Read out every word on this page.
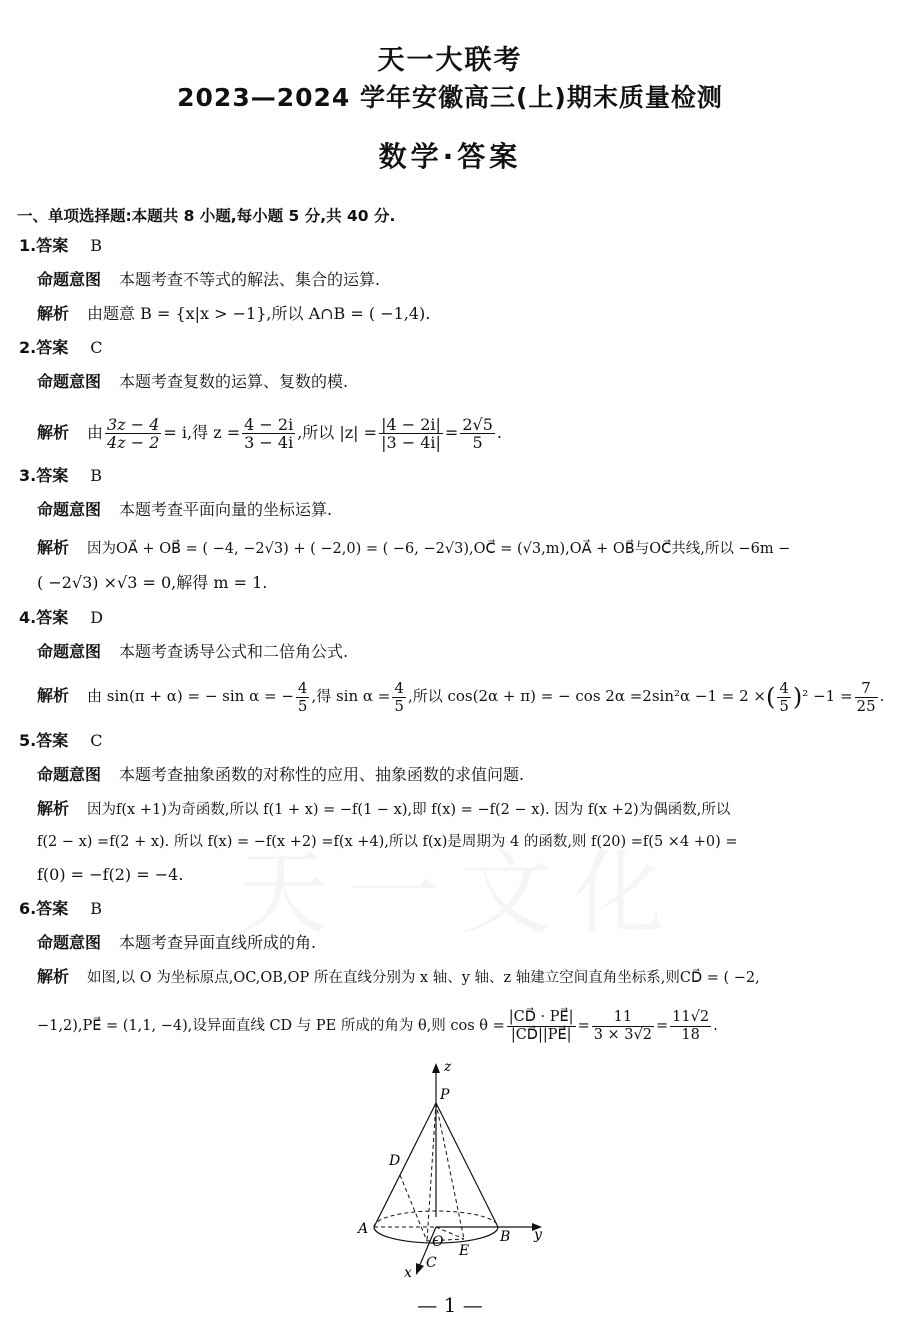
天一大联考
2023—2024 学年安徽高三(上)期末质量检测
数学·答案
一、单项选择题:本题共 8 小题,每小题 5 分,共 40 分.
1.答案 B
命题意图 本题考查不等式的解法、集合的运算.
解析 由题意 B = {x|x > −1},所以 A∩B = ( −1,4).
2.答案 C
命题意图 本题考查复数的运算、复数的模.
解析 由 $\frac{3z - 4}{4z - 2} = i$,得 $z = \frac{4 - 2i}{3 - 4i}$ ,所以 $|z| = \frac{|4 - 2i|}{|3 - 4i|} = \frac{2√5}{5}$ .
3.答案 B
命题意图 本题考查平面向量的坐标运算.
解析 因为OA⃗ + OB⃗ = ( −4, −2√3) + ( −2,0) = ( −6, −2√3),OC⃗ = (√3,m),OA⃗ + OB⃗与OC⃗共线,所以 −6m −
( −2√3) ×√3 = 0,解得 m = 1.
4.答案 D
命题意图 本题考查诱导公式和二倍角公式.
解析 由 sin(π + α) = − sin α = − $\frac{4}{5}$ ,得 $\sin \alpha = \frac{4}{5}$ ,所以 cos(2α + π) = − cos 2α =2sin²α −1 = 2 ×( $\frac{4}{5} )^2 -1 = \frac{7}{25}$ .
5.答案 C
命题意图 本题考查抽象函数的对称性的应用、抽象函数的求值问题.
解析 因为f(x +1)为奇函数,所以 f(1 + x) = −f(1 − x),即 f(x) = −f(2 − x). 因为 f(x +2)为偶函数,所以
f(2 − x) =f(2 + x). 所以 f(x) = −f(x +2) =f(x +4),所以 f(x)是周期为 4 的函数,则 f(20) =f(5 ×4 +0) =
f(0) = −f(2) = −4.
6.答案 B
命题意图 本题考查异面直线所成的角.
解析 如图,以 O 为坐标原点,OC,OB,OP 所在直线分别为 x 轴、y 轴、z 轴建立空间直角坐标系,则CD⃗ = ( −2,
−1,2),PE⃗ = (1,1, −4),设异面直线 CD 与 PE 所成的角为 θ,则 $\cos \theta = \frac{|CD⃗ \cdot PE⃗|}{|CD⃗||PE⃗|} = \frac{11}{3 \times 3√2} = \frac{11√2}{18}$ .
z
P
D
A
O
E
B y
x
C
— 1 —
